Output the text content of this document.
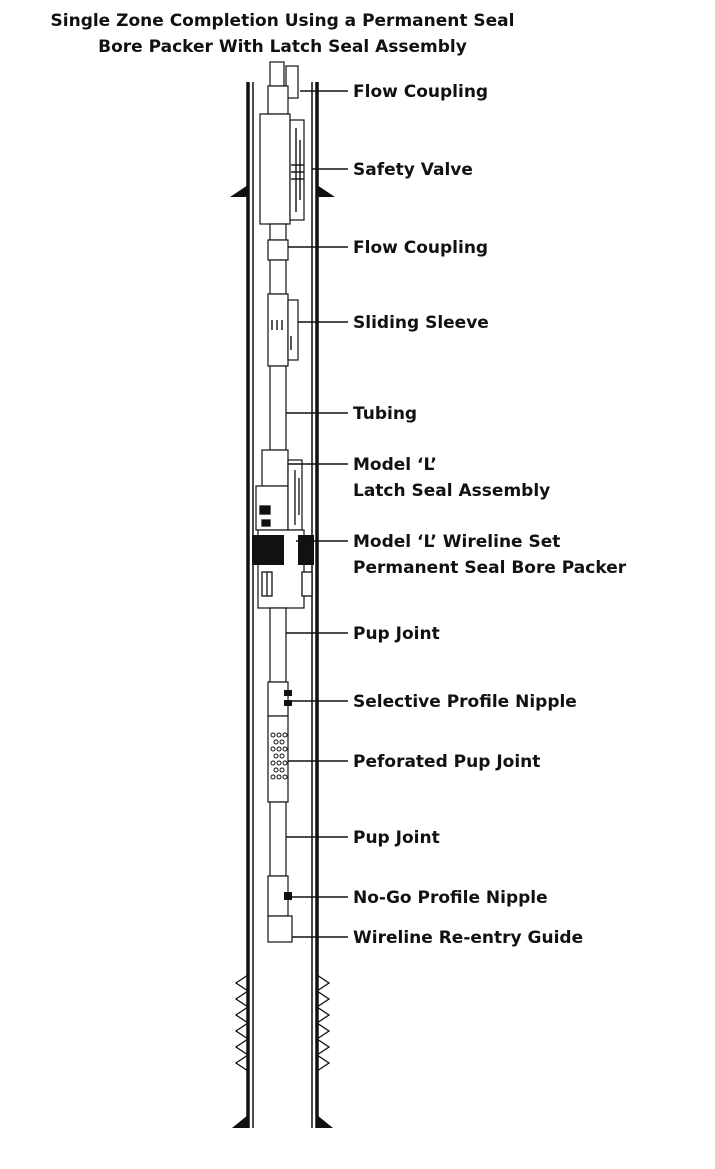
Single Zone Completion Using a Permanent Seal
Bore Packer With Latch Seal Assembly
Flow Coupling
Safety Valve
Flow Coupling
Sliding Sleeve
Tubing
Model ‘L’
Latch Seal Assembly
Model ‘L’ Wireline Set
Permanent Seal Bore Packer
Pup Joint
Selective Profile Nipple
Peforated Pup Joint
Pup Joint
No-Go Profile Nipple
Wireline Re-entry Guide
